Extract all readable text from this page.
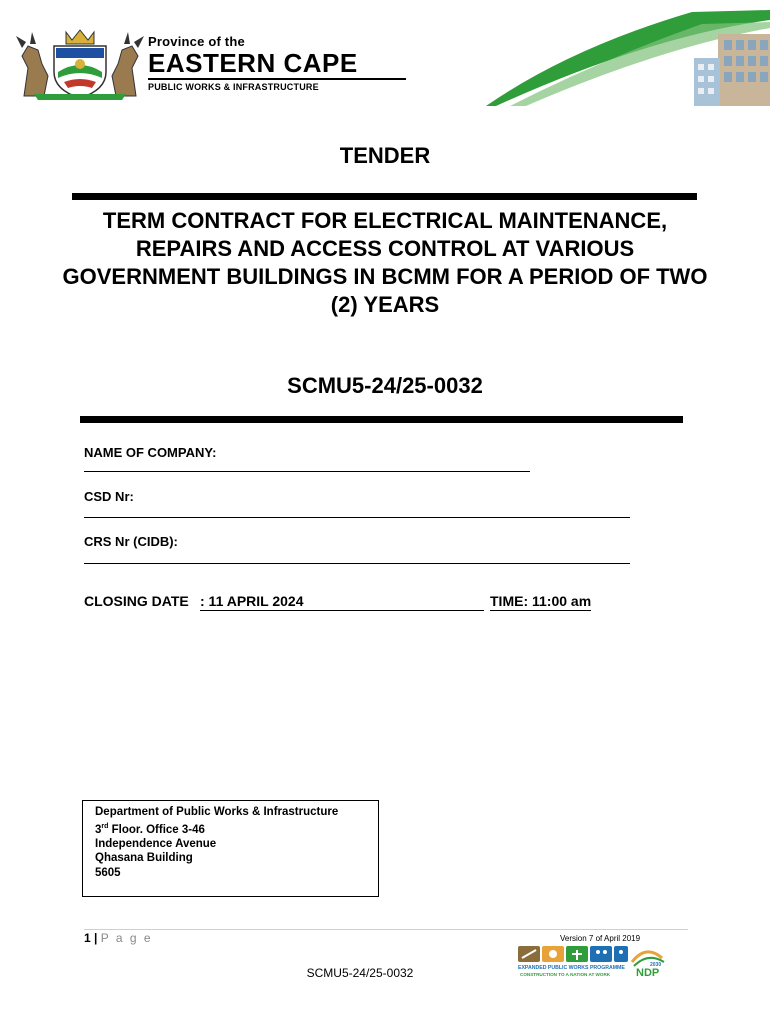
Province of the
EASTERN CAPE
PUBLIC WORKS & INFRASTRUCTURE
TENDER
TERM CONTRACT FOR ELECTRICAL MAINTENANCE, REPAIRS AND ACCESS CONTROL AT VARIOUS GOVERNMENT BUILDINGS IN BCMM FOR A PERIOD OF TWO (2) YEARS
SCMU5-24/25-0032
NAME OF COMPANY:
CSD Nr:
CRS Nr (CIDB):
CLOSING DATE : 11 APRIL 2024	TIME: 11:00 am
Department of Public Works & Infrastructure
3rd Floor. Office 3-46
Independence Avenue
Qhasana Building
5605
1 | P a g e	Version 7 of April 2019
EXPANDED PUBLIC WORKS PROGRAMME
CONSTRUCTION TO A NATION AT WORK NDP
2030
SCMU5-24/25-0032
